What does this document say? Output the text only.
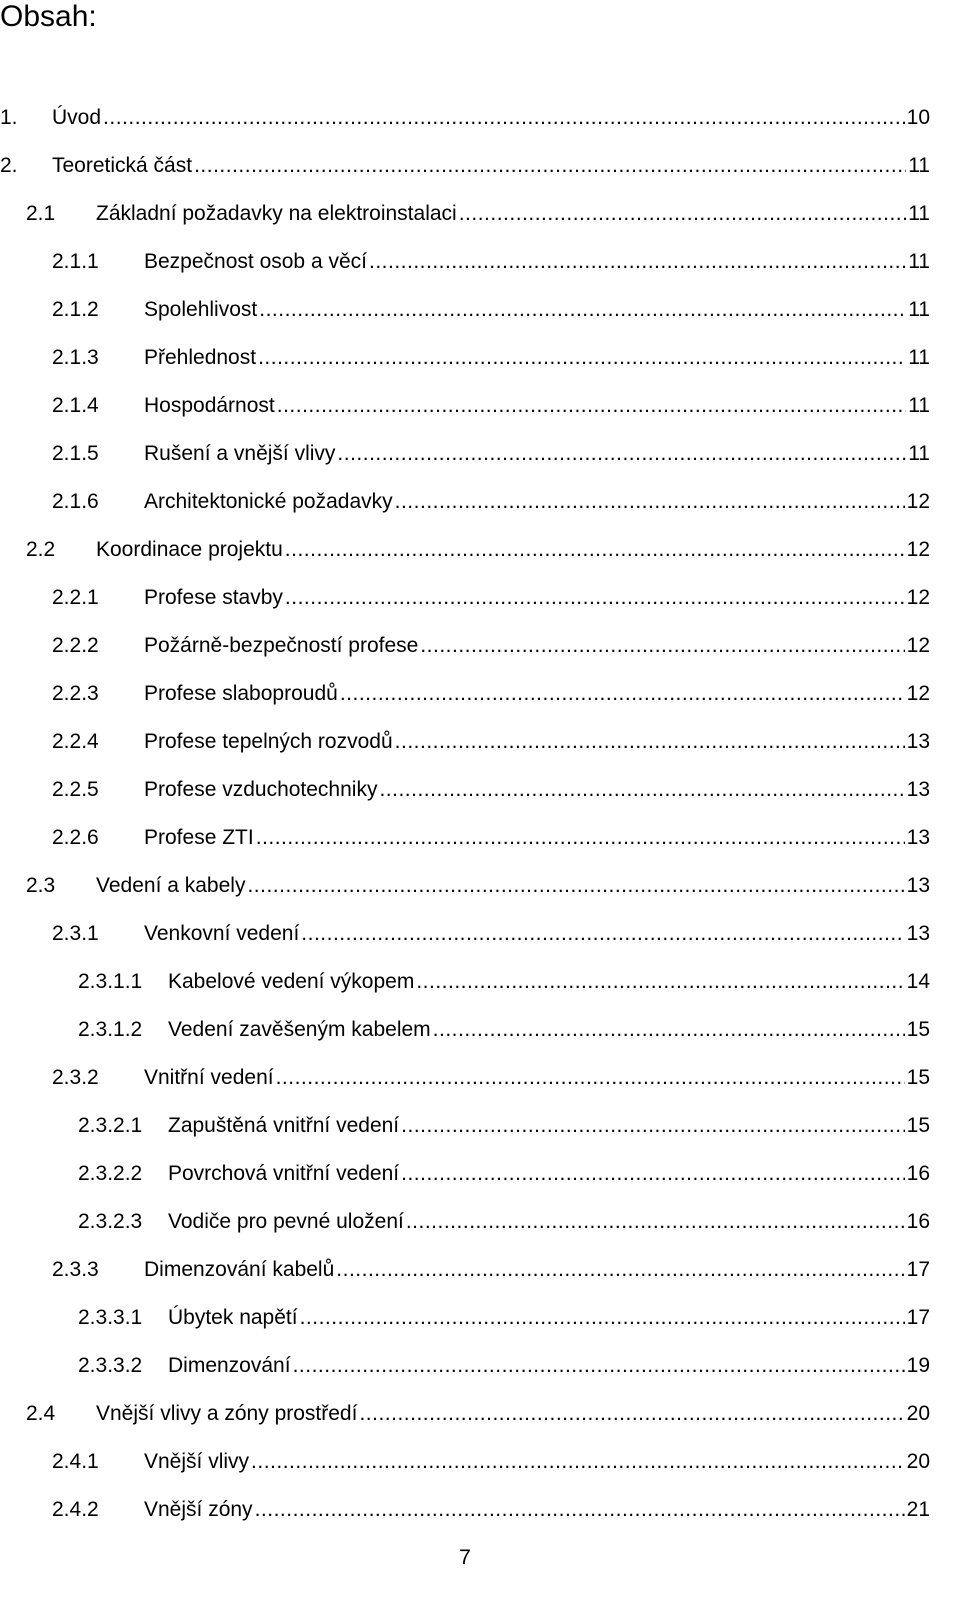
Obsah:
1.	Úvod .....	10
2.	Teoretická část .....	11
2.1	Základní požadavky na elektroinstalaci .....	11
2.1.1	Bezpečnost osob a věcí .....	11
2.1.2	Spolehlivost .....	11
2.1.3	Přehlednost .....	11
2.1.4	Hospodárnost .....	11
2.1.5	Rušení a vnější vlivy .....	11
2.1.6	Architektonické požadavky .....	12
2.2	Koordinace projektu .....	12
2.2.1	Profese stavby .....	12
2.2.2	Požárně-bezpečností profese .....	12
2.2.3	Profese slaboproudů .....	12
2.2.4	Profese tepelných rozvodů .....	13
2.2.5	Profese vzduchotechniky .....	13
2.2.6	Profese ZTI .....	13
2.3	Vedení a kabely .....	13
2.3.1	Venkovní vedení .....	13
2.3.1.1	Kabelové vedení výkopem .....	14
2.3.1.2	Vedení zavěšeným kabelem .....	15
2.3.2	Vnitřní vedení .....	15
2.3.2.1	Zapuštěná vnitřní vedení .....	15
2.3.2.2	Povrchová vnitřní vedení .....	16
2.3.2.3	Vodiče pro pevné uložení .....	16
2.3.3	Dimenzování kabelů .....	17
2.3.3.1	Úbytek napětí .....	17
2.3.3.2	Dimenzování .....	19
2.4	Vnější vlivy a zóny prostředí .....	20
2.4.1	Vnější vlivy .....	20
2.4.2	Vnější zóny .....	21
7
